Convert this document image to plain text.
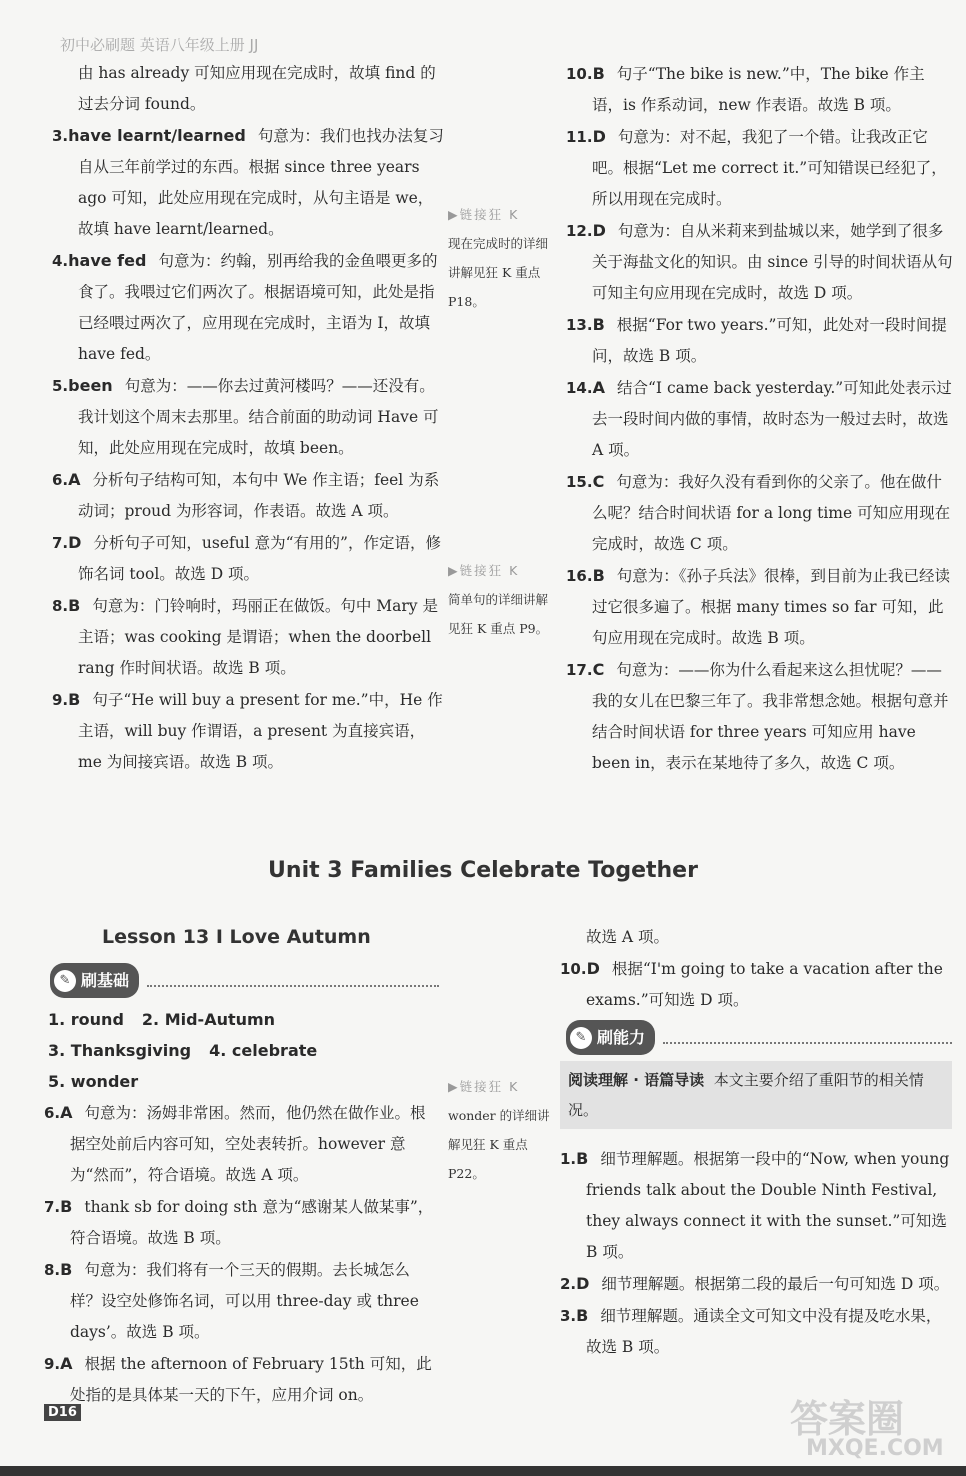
初中必刷题 英语八年级上册 JJ

由 has already 可知应用现在完成时，故填 find 的过去分词 found。

3.have learnt/learned 句意为：我们也找办法复习自从三年前学过的东西。根据 since three years ago 可知，此处应用现在完成时，从句主语是 we，故填 have learnt/learned。

4.have fed 句意为：约翰，别再给我的金鱼喂更多的食了。我喂过它们两次了。根据语境可知，此处是指已经喂过两次了，应用现在完成时，主语为 I，故填 have fed。

5.been 句意为：——你去过黄河楼吗？——还没有。我计划这个周末去那里。结合前面的助动词 Have 可知，此处应用现在完成时，故填 been。

6.A 分析句子结构可知，本句中 We 作主语；feel 为系动词；proud 为形容词，作表语。故选 A 项。

7.D 分析句子可知，useful 意为“有用的”，作定语，修饰名词 tool。故选 D 项。

8.B 句意为：门铃响时，玛丽正在做饭。句中 Mary 是主语；was cooking 是谓语；when the doorbell rang 作时间状语。故选 B 项。

9.B 句子“He will buy a present for me.”中，He 作主语，will buy 作谓语，a present 为直接宾语，me 为间接宾语。故选 B 项。

▶链接狂 K
现在完成时的详细讲解见狂 K 重点 P18。
▶链接狂 K
简单句的详细讲解见狂 K 重点 P9。

10.B 句子“The bike is new.”中，The bike 作主语，is 作系动词，new 作表语。故选 B 项。

11.D 句意为：对不起，我犯了一个错。让我改正它吧。根据“Let me correct it.”可知错误已经犯了，所以用现在完成时。

12.D 句意为：自从米莉来到盐城以来，她学到了很多关于海盐文化的知识。由 since 引导的时间状语从句可知主句应用现在完成时，故选 D 项。

13.B 根据“For two years.”可知，此处对一段时间提问，故选 B 项。

14.A 结合“I came back yesterday.”可知此处表示过去一段时间内做的事情，故时态为一般过去时，故选 A 项。

15.C 句意为：我好久没有看到你的父亲了。他在做什么呢？结合时间状语 for a long time 可知应用现在完成时，故选 C 项。

16.B 句意为：《孙子兵法》很棒，到目前为止我已经读过它很多遍了。根据 many times so far 可知，此句应用现在完成时。故选 B 项。

17.C 句意为：——你为什么看起来这么担忧呢？——我的女儿在巴黎三年了。我非常想念她。根据句意并结合时间状语 for three years 可知应用 have been in，表示在某地待了多久，故选 C 项。

Unit 3 Families Celebrate Together
Lesson 13 I Love Autumn
✎ 刷基础
1. round 2. Mid-Autumn
3. Thanksgiving 4. celebrate
5. wonder

6.A 句意为：汤姆非常困。然而，他仍然在做作业。根据空处前后内容可知，空处表转折。however 意为“然而”，符合语境。故选 A 项。

7.B thank sb for doing sth 意为“感谢某人做某事”，符合语境。故选 B 项。

8.B 句意为：我们将有一个三天的假期。去长城怎么样？设空处修饰名词，可以用 three-day 或 three days’。故选 B 项。

9.A 根据 the afternoon of February 15th 可知，此处指的是具体某一天的下午，应用介词 on。

▶链接狂 K
wonder 的详细讲解见狂 K 重点 P22。

故选 A 项。

10.D 根据“I'm going to take a vacation after the exams.”可知选 D 项。

✎ 刷能力
阅读理解 · 语篇导读 本文主要介绍了重阳节的相关情况。

1.B 细节理解题。根据第一段中的“Now, when young friends talk about the Double Ninth Festival, they always connect it with the sunset.”可知选 B 项。

2.D 细节理解题。根据第二段的最后一句可知选 D 项。

3.B 细节理解题。通读全文可知文中没有提及吃水果，故选 B 项。

D16	答案圈
MXQE.COM
